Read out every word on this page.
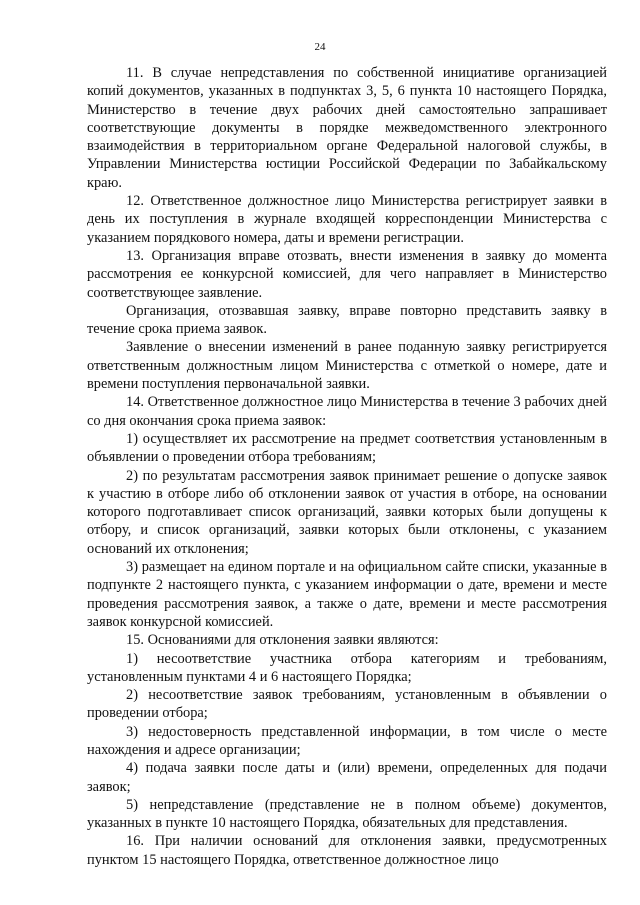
24

11. В случае непредставления по собственной инициативе организацией копий документов, указанных в подпунктах 3, 5, 6 пункта 10 настоящего Порядка, Министерство в течение двух рабочих дней самостоятельно запрашивает соответствующие документы в порядке межведомственного электронного взаимодействия в территориальном органе Федеральной налоговой службы, в Управлении Министерства юстиции Российской Федерации по Забайкальскому краю.

12. Ответственное должностное лицо Министерства регистрирует заявки в день их поступления в журнале входящей корреспонденции Министерства с указанием порядкового номера, даты и времени регистрации.

13. Организация вправе отозвать, внести изменения в заявку до момента рассмотрения ее конкурсной комиссией, для чего направляет в Министерство соответствующее заявление.

Организация, отозвавшая заявку, вправе повторно представить заявку в течение срока приема заявок.

Заявление о внесении изменений в ранее поданную заявку регистрируется ответственным должностным лицом Министерства с отметкой о номере, дате и времени поступления первоначальной заявки.

14. Ответственное должностное лицо Министерства в течение 3 рабочих дней со дня окончания срока приема заявок:

1) осуществляет их рассмотрение на предмет соответствия установленным в объявлении о проведении отбора требованиям;

2) по результатам рассмотрения заявок принимает решение о допуске заявок к участию в отборе либо об отклонении заявок от участия в отборе, на основании которого подготавливает список организаций, заявки которых были допущены к отбору, и список организаций, заявки которых были отклонены, с указанием оснований их отклонения;

3) размещает на едином портале и на официальном сайте списки, указанные в подпункте 2 настоящего пункта, с указанием информации о дате, времени и месте проведения рассмотрения заявок, а также о дате, времени и месте рассмотрения заявок конкурсной комиссией.

15. Основаниями для отклонения заявки являются:

1) несоответствие участника отбора категориям и требованиям, установленным пунктами 4 и 6 настоящего Порядка;

2) несоответствие заявок требованиям, установленным в объявлении о проведении отбора;

3) недостоверность представленной информации, в том числе о месте нахождения и адресе организации;

4) подача заявки после даты и (или) времени, определенных для подачи заявок;

5) непредставление (представление не в полном объеме) документов, указанных в пункте 10 настоящего Порядка, обязательных для представления.

16. При наличии оснований для отклонения заявки, предусмотренных пунктом 15 настоящего Порядка, ответственное должностное лицо
